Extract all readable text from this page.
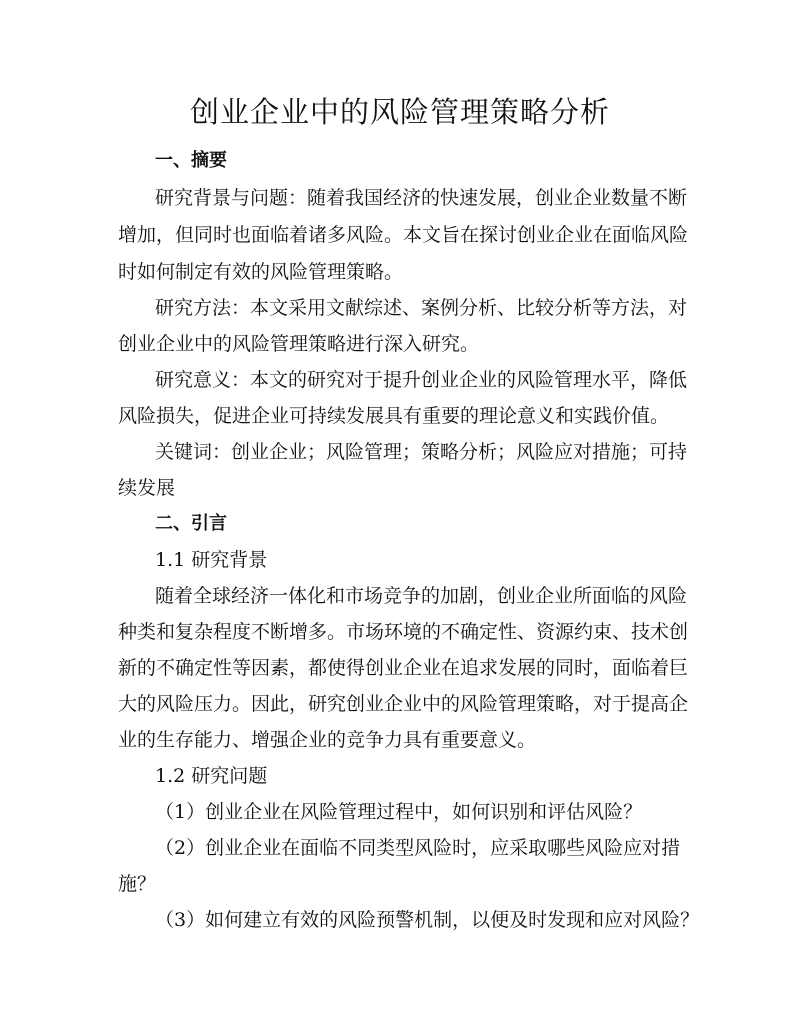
创业企业中的风险管理策略分析
一、摘要
研究背景与问题：随着我国经济的快速发展，创业企业数量不断
增加，但同时也面临着诸多风险。本文旨在探讨创业企业在面临风险
时如何制定有效的风险管理策略。
研究方法：本文采用文献综述、案例分析、比较分析等方法，对
创业企业中的风险管理策略进行深入研究。
研究意义：本文的研究对于提升创业企业的风险管理水平，降低
风险损失，促进企业可持续发展具有重要的理论意义和实践价值。
关键词：创业企业；风险管理；策略分析；风险应对措施；可持
续发展
二、引言
1.1 研究背景
随着全球经济一体化和市场竞争的加剧，创业企业所面临的风险
种类和复杂程度不断增多。市场环境的不确定性、资源约束、技术创
新的不确定性等因素，都使得创业企业在追求发展的同时，面临着巨
大的风险压力。因此，研究创业企业中的风险管理策略，对于提高企
业的生存能力、增强企业的竞争力具有重要意义。
1.2 研究问题
（1）创业企业在风险管理过程中，如何识别和评估风险？
（2）创业企业在面临不同类型风险时，应采取哪些风险应对措
施？
（3）如何建立有效的风险预警机制，以便及时发现和应对风险？
